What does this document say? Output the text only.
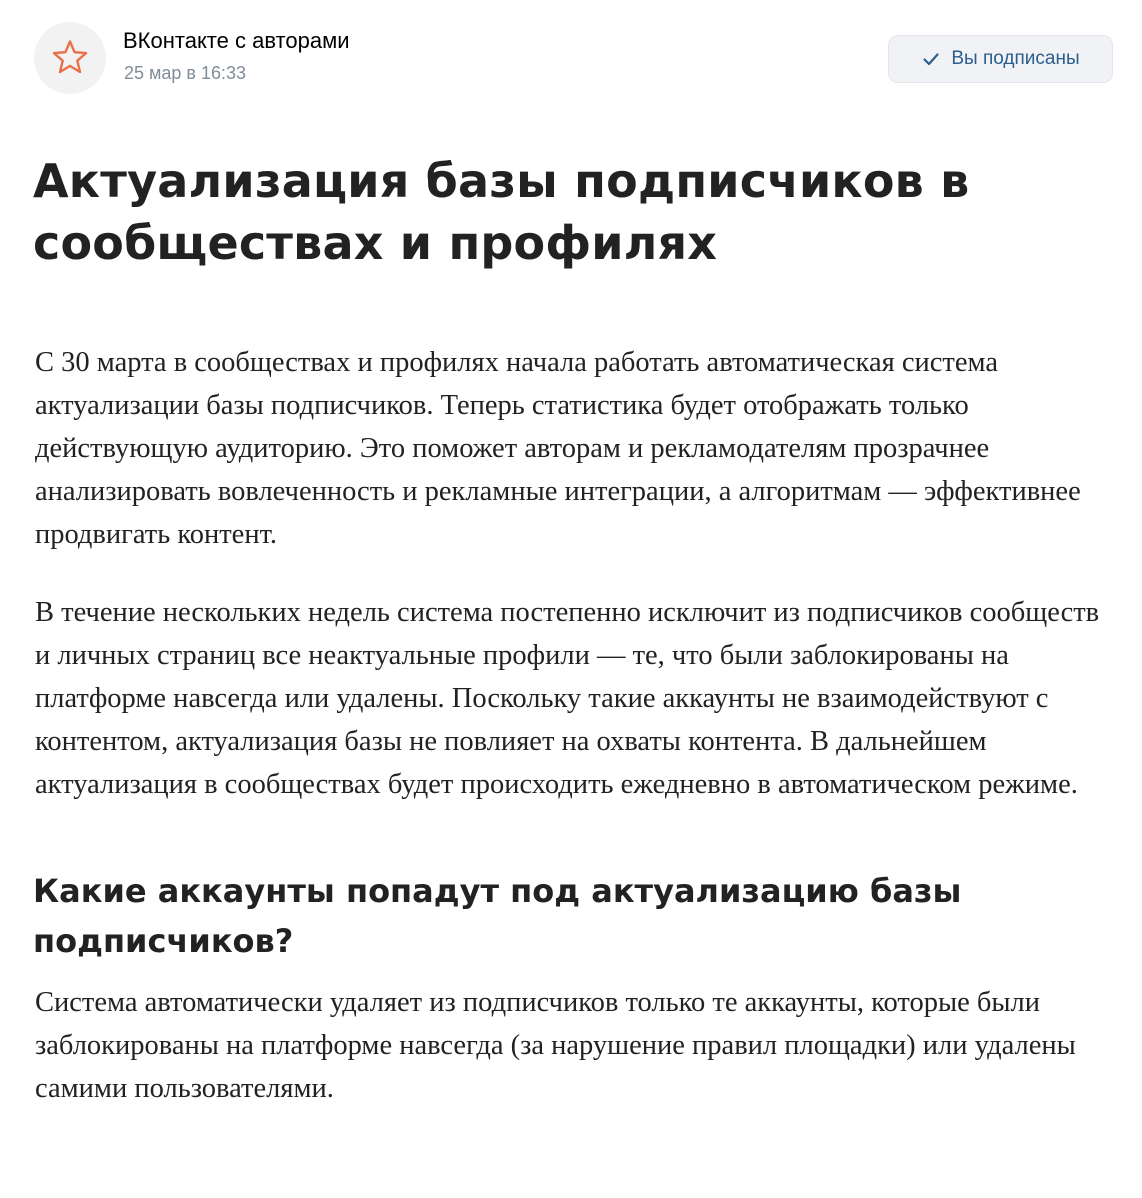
ВКонтакте с авторами
25 мар в 16:33
Вы подписаны
Актуализация базы подписчиков в сообществах и профилях

С 30 марта в сообществах и профилях начала работать автоматическая система актуализации базы подписчиков. Теперь статистика будет отображать только действующую аудиторию. Это поможет авторам и рекламодателям прозрачнее анализировать вовлеченность и рекламные интеграции, а алгоритмам — эффективнее продвигать контент.

В течение нескольких недель система постепенно исключит из подписчиков сообществ и личных страниц все неактуальные профили — те, что были заблокированы на платформе навсегда или удалены. Поскольку такие аккаунты не взаимодействуют с контентом, актуализация базы не повлияет на охваты контента. В дальнейшем актуализация в сообществах будет происходить ежедневно в автоматическом режиме.

Какие аккаунты попадут под актуализацию базы подписчиков?

Система автоматически удаляет из подписчиков только те аккаунты, которые были заблокированы на платформе навсегда (за нарушение правил площадки) или удалены самими пользователями.
